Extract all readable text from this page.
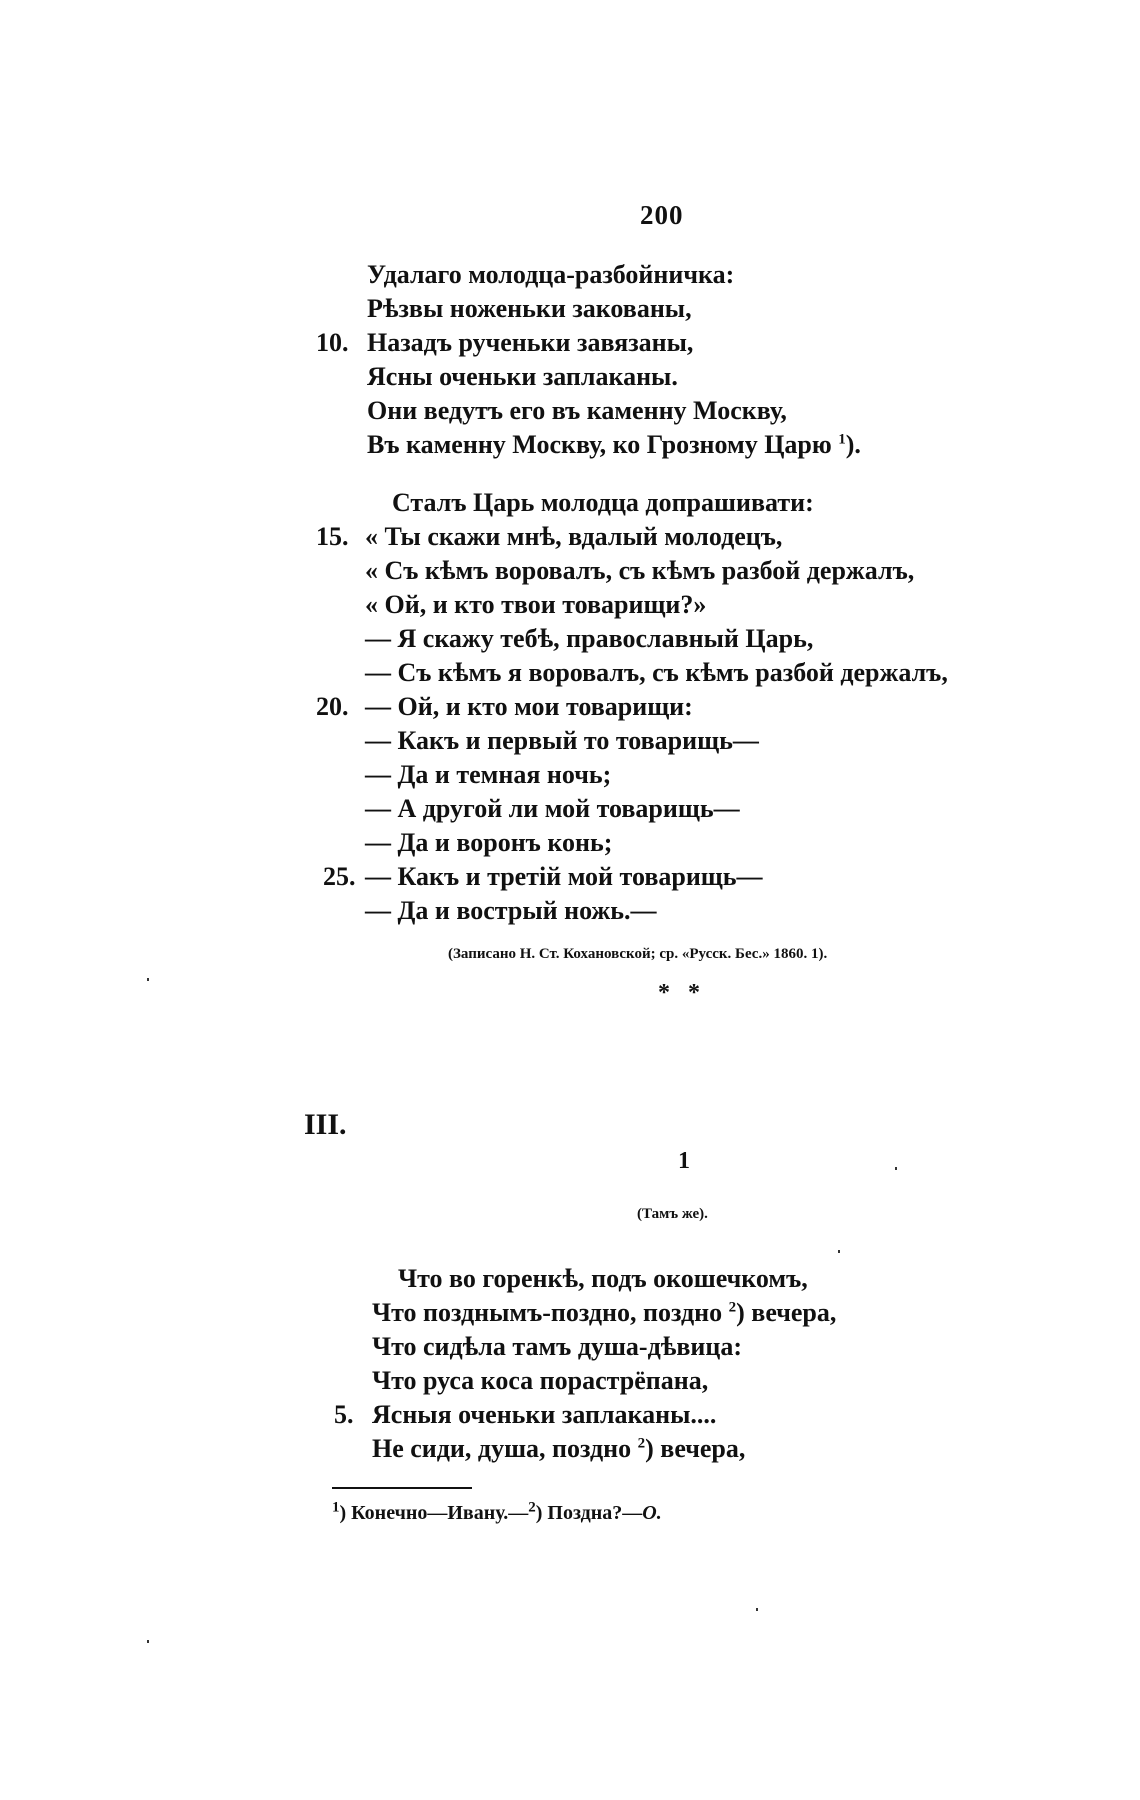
200
Удалаго молодца-разбойничка:
Рѣзвы ноженьки закованы,
10. Назадъ рученьки завязаны,
Ясны оченьки заплаканы.
Они ведутъ его въ каменну Москву,
Въ каменну Москву, ко Грозному Царю $^1$).
Сталъ Царь молодца допрашивати:
15. « Ты скажи мнѣ, вдалый молодецъ,
« Съ кѣмъ воровалъ, съ кѣмъ разбой держалъ,
« Ой, и кто твои товарищи?»
— Я скажу тебѣ, православный Царь,
— Съ кѣмъ я воровалъ, съ кѣмъ разбой держалъ,
20. — Ой, и кто мои товарищи:
— Какъ и первый то товарищь—
— Да и темная ночь;
— А другой ли мой товарищь—
— Да и воронъ конь;
25. — Какъ и третій мой товарищь—
— Да и вострый ножь.—
(Записано Н. Ст. Кохановской; ср. «Русск. Бес.» 1860. 1).
* *
III.
1
(Тамъ же).
Что во горенкѣ, подъ окошечкомъ,
Что позднымъ-поздно, поздно $^2$) вечера,
Что сидѣла тамъ душа-дѣвица:
Что руса коса порастрёпана,
5. Ясныя оченьки заплаканы....
Не сиди, душа, поздно $^2$) вечера,
$^1$) Конечно—Ивану.—$^2$) Поздна?—О.
